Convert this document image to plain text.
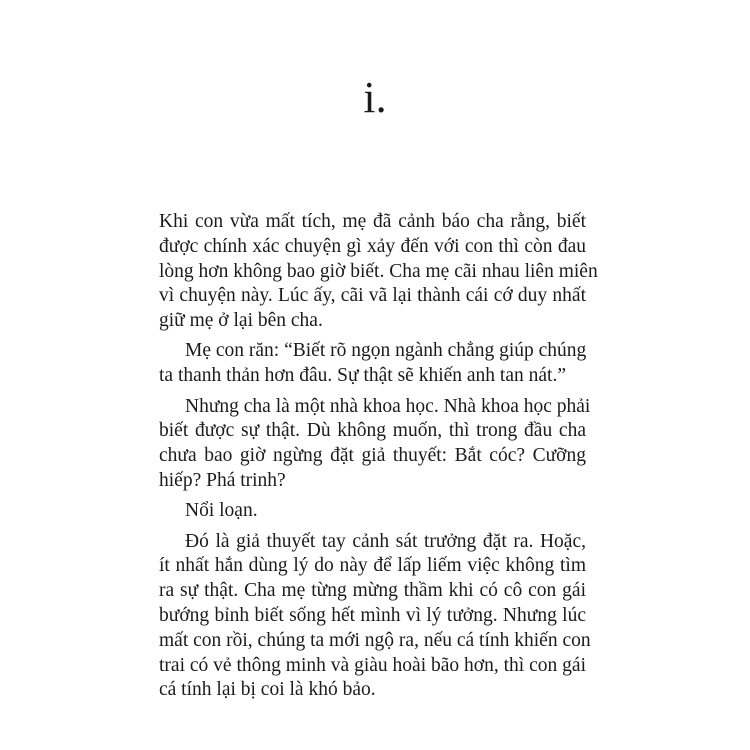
i.
Khi con vừa mất tích, mẹ đã cảnh báo cha rằng, biết
được chính xác chuyện gì xảy đến với con thì còn đau
lòng hơn không bao giờ biết. Cha mẹ cãi nhau liên miên
vì chuyện này. Lúc ấy, cãi vã lại thành cái cớ duy nhất
giữ mẹ ở lại bên cha.
Mẹ con răn: “Biết rõ ngọn ngành chẳng giúp chúng
ta thanh thản hơn đâu. Sự thật sẽ khiến anh tan nát.”
Nhưng cha là một nhà khoa học. Nhà khoa học phải
biết được sự thật. Dù không muốn, thì trong đầu cha
chưa bao giờ ngừng đặt giả thuyết: Bắt cóc? Cưỡng
hiếp? Phá trinh?
Nổi loạn.
Đó là giả thuyết tay cảnh sát trưởng đặt ra. Hoặc,
ít nhất hắn dùng lý do này để lấp liếm việc không tìm
ra sự thật. Cha mẹ từng mừng thầm khi có cô con gái
bướng bỉnh biết sống hết mình vì lý tưởng. Nhưng lúc
mất con rồi, chúng ta mới ngộ ra, nếu cá tính khiến con
trai có vẻ thông minh và giàu hoài bão hơn, thì con gái
cá tính lại bị coi là khó bảo.
